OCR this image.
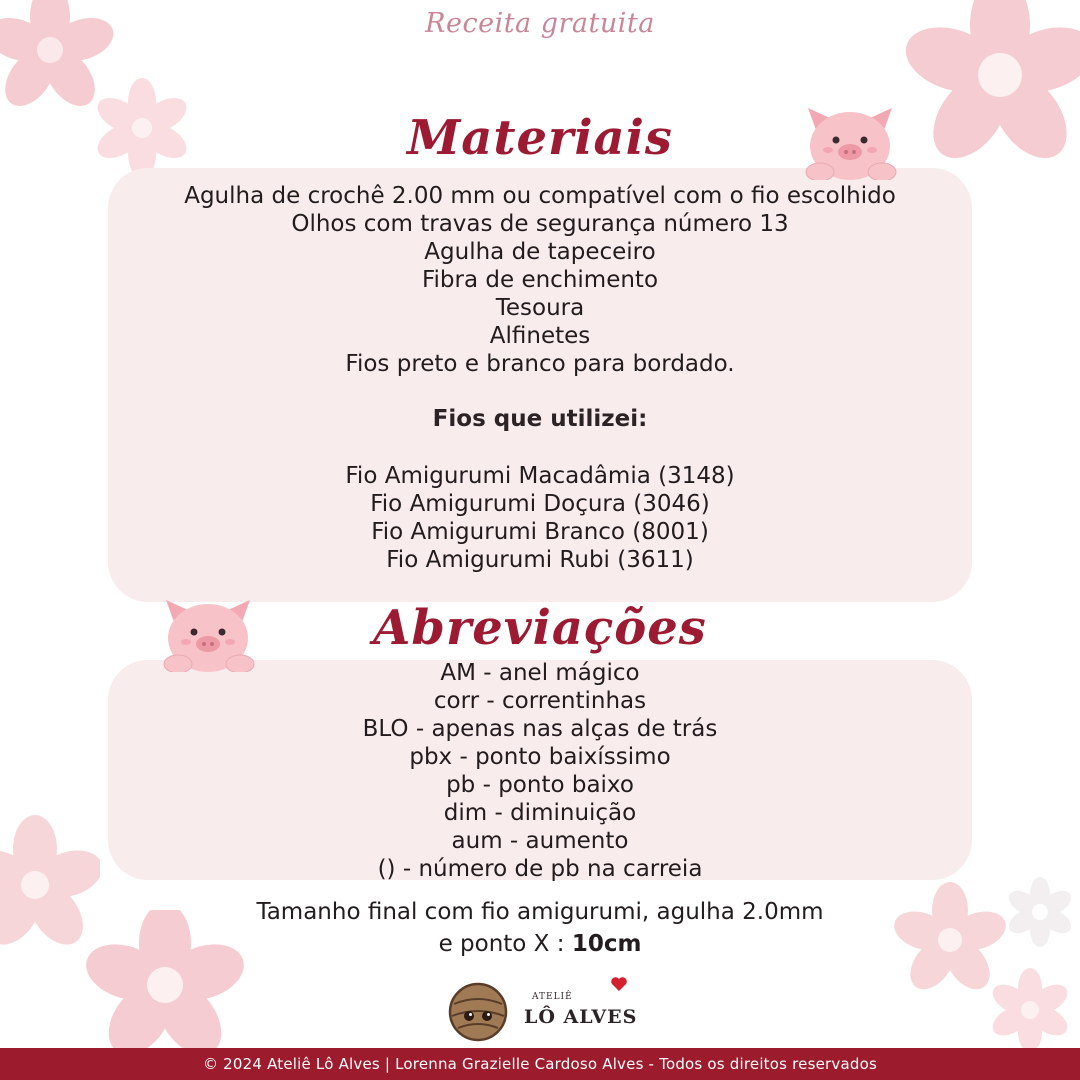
Receita gratuita
Materiais
Agulha de crochê 2.00 mm ou compatível com o fio escolhido
Olhos com travas de segurança número 13
Agulha de tapeceiro
Fibra de enchimento
Tesoura
Alfinetes
Fios preto e branco para bordado.
Fios que utilizei:
Fio Amigurumi Macadâmia (3148)
Fio Amigurumi Doçura (3046)
Fio Amigurumi Branco (8001)
Fio Amigurumi Rubi (3611)
Abreviações
AM - anel mágico
corr - correntinhas
BLO - apenas nas alças de trás
pbx - ponto baixíssimo
pb - ponto baixo
dim - diminuição
aum - aumento
() - número de pb na carreia
Tamanho final com fio amigurumi, agulha 2.0mm
e ponto X : 10cm
ATELIÊ
LÔ ALVES
© 2024 Ateliê Lô Alves | Lorenna Grazielle Cardoso Alves - Todos os direitos reservados
